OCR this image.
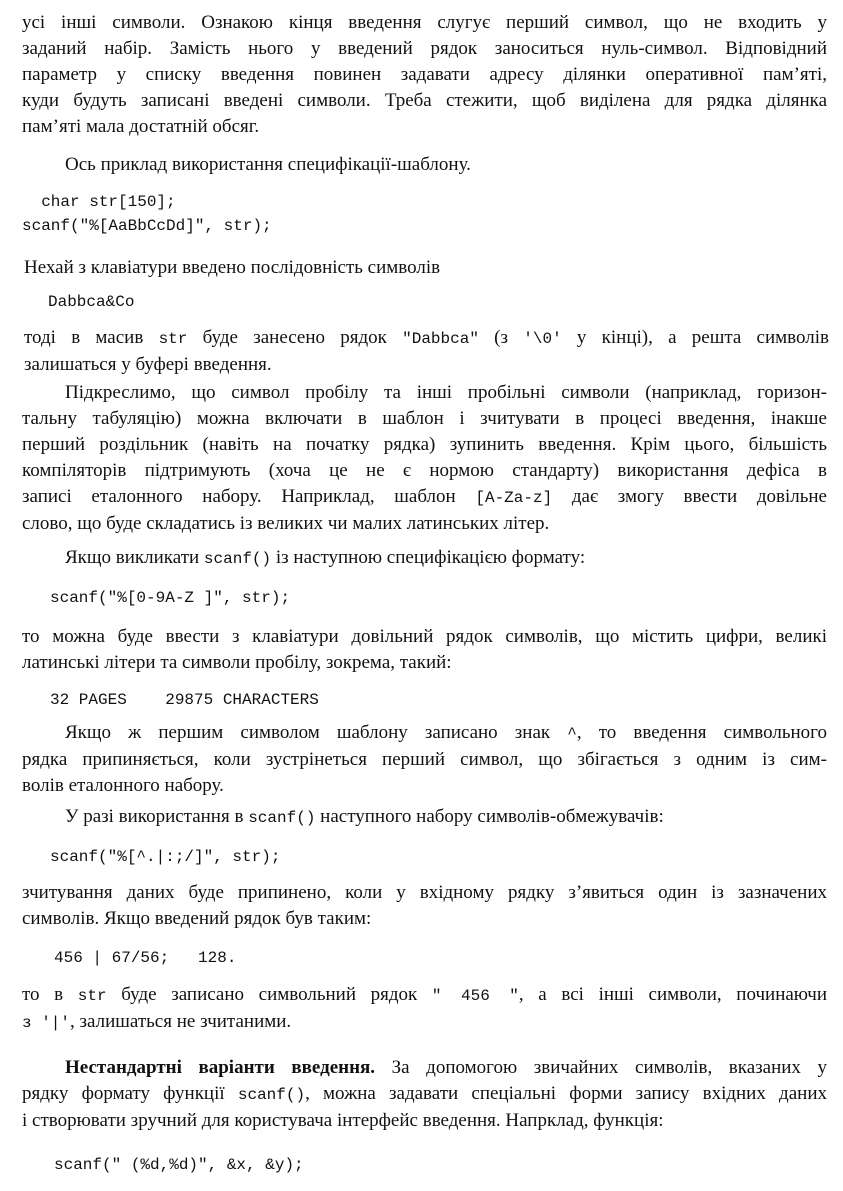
усі інші символи. Ознакою кінця введення слугує перший символ, що не входить у
заданий набір. Замість нього у введений рядок заноситься нуль-символ. Відповідний
параметр у списку введення повинен задавати адресу ділянки оперативної пам’яті,
куди будуть записані введені символи. Треба стежити, щоб виділена для рядка ділянка
пам’яті мала достатній обсяг.
Ось приклад використання специфікації-шаблону.
char str[150];
scanf("%[AaBbCcDd]", str);
Нехай з клавіатури введено послідовність символів
Dabbca&Co
тоді в масив str буде занесено рядок "Dabbca" (з '\0' у кінці), а решта символів
залишаться у буфері введення.
Підкреслимо, що символ пробілу та інші пробільні символи (наприклад, горизон-
тальну табуляцію) можна включати в шаблон і зчитувати в процесі введення, інакше
перший роздільник (навіть на початку рядка) зупинить введення. Крім цього, більшість
компіляторів підтримують (хоча це не є нормою стандарту) використання дефіса в
записі еталонного набору. Наприклад, шаблон [A-Za-z] дає змогу ввести довільне
слово, що буде складатись із великих чи малих латинських літер.
Якщо викликати scanf() із наступною специфікацією формату:
scanf("%[0-9A-Z ]", str);
то можна буде ввести з клавіатури довільний рядок символів, що містить цифри, великі
латинські літери та символи пробілу, зокрема, такий:
32 PAGES    29875 CHARACTERS
Якщо ж першим символом шаблону записано знак ^, то введення символьного
рядка припиняється, коли зустрінеться перший символ, що збігається з одним із сим-
волів еталонного набору.
У разі використання в scanf() наступного набору символів-обмежувачів:
scanf("%[^.|:;/]", str);
зчитування даних буде припинено, коли у вхідному рядку з’явиться один із зазначених
символів. Якщо введений рядок був таким:
456 | 67/56;   128.
то в str буде записано символьний рядок " 456 ", а всі інші символи, починаючи
з '|', залишаться не зчитаними.
Нестандартні варіанти введення. За допомогою звичайних символів, вказаних у
рядку формату функції scanf(), можна задавати спеціальні форми запису вхідних даних
і створювати зручний для користувача інтерфейс введення. Напрклад, функція:
scanf(" (%d,%d)", &x, &y);
